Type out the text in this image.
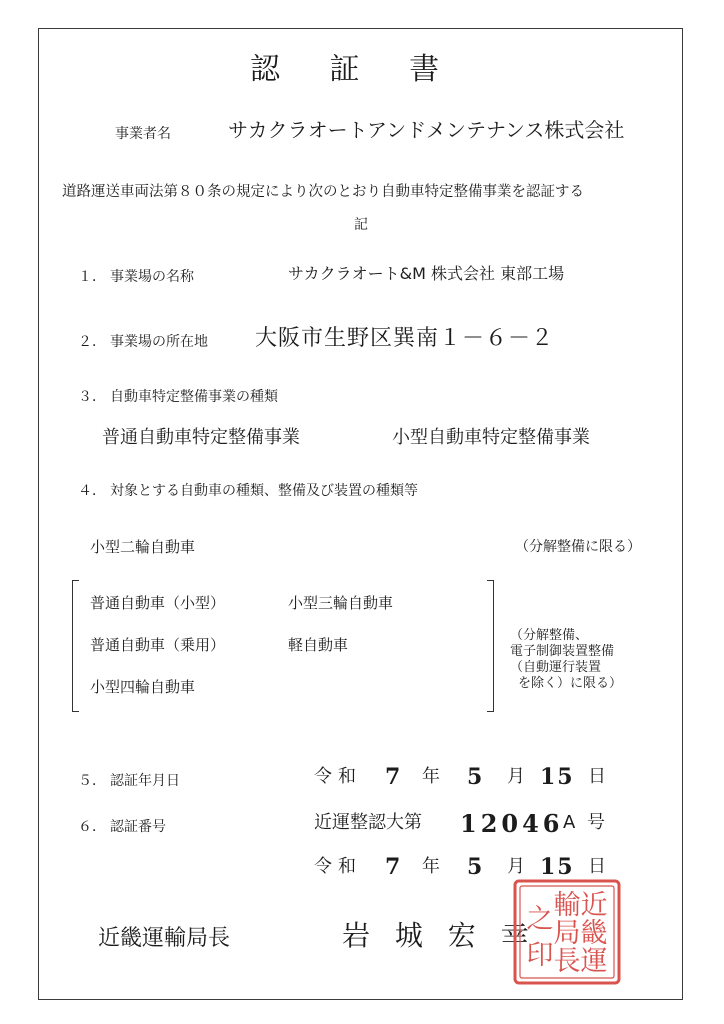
認 証 書
事業者名	サカクラオートアンドメンテナンス株式会社
道路運送車両法第８０条の規定により次のとおり自動車特定整備事業を認証する
記
１． 事業場の名称	サカクラオート&M 株式会社 東部工場
２． 事業場の所在地 大阪市生野区巽南１－６－２
３． 自動車特定整備事業の種類
普通自動車特定整備事業	小型自動車特定整備事業
４． 対象とする自動車の種類、整備及び装置の種類等
小型二輪自動車	（分解整備に限る）
普通自動車（小型）	小型三輪自動車
普通自動車（乗用）	軽自動車
小型四輪自動車
（分解整備、
電子制御装置整備
（自動運行装置
を除く）に限る）
５． 認証年月日	令和 7 年 5 月 15 日
６． 認証番号	近運整認大第 12046 A 号
令和 7 年 5 月 15 日
近畿運輸局長	岩 城 宏 幸
近
畿
運
輸
局
長
之
印
